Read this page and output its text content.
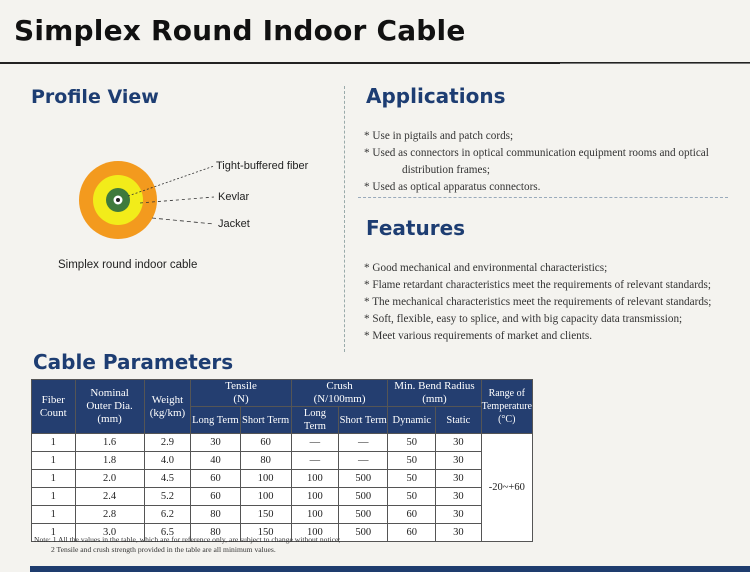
Simplex Round Indoor Cable
Profile View	Applications
Features
Cable Parameters
Tight-buffered fiber
Kevlar
Jacket
Simplex round indoor cable
* Use in pigtails and patch cords;
* Used as connectors in optical communication equipment rooms and optical
distribution frames;
* Used as optical apparatus connectors.
* Good mechanical and environmental characteristics;
* Flame retardant characteristics meet the requirements of relevant standards;
* The mechanical characteristics meet the requirements of relevant standards;
* Soft, flexible, easy to splice, and with big capacity data transmission;
* Meet various requirements of market and clients.
Fiber
Count	Nominal
Outer Dia.
(mm)	Weight
(kg/km)	Tensile
(N)		Crush
(N/100mm)		Min. Bend Radius
(mm)		Range of
Temperature
(°C)
			Long Term	Short Term	Long Term	Short Term	Dynamic	Static	
1	1.6	2.9	30	60	—	—	50	30	-20~+60
1	1.8	4.0	40	80	—	—	50	30	
1	2.0	4.5	60	100	100	500	50	30	
1	2.4	5.2	60	100	100	500	50	30	
1	2.8	6.2	80	150	100	500	60	30	
1	3.0	6.5	80	150	100	500	60	30	
Note: 1 All the values in the table, which are for reference only, are subject to change without notice;
2 Tensile and crush strength provided in the table are all minimum values.
